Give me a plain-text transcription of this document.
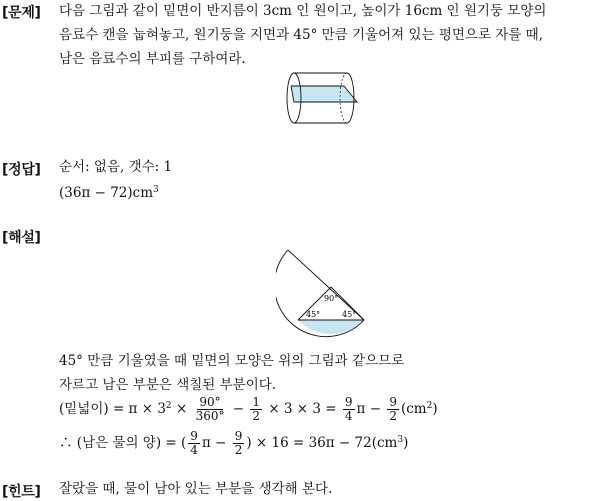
[문제] 다음 그림과 같이 밑면이 반지름이 3cm 인 원이고, 높이가 16cm 인 원기둥 모양의
음료수 캔을 눕혀놓고, 원기둥을 지면과 45° 만큼 기울어져 있는 평면으로 자를 때,
남은 음료수의 부피를 구하여라.
[정답] 순서: 없음, 갯수: 1
$(36\pi - 72)cm^3$
[해설]
90°
45°	45°
45° 만큼 기울였을 때 밑면의 모양은 위의 그림과 같으므로
자르고 남은 부분은 색칠된 부분이다.
(밑넓이) = $\pi \times 3^2 \times \frac{90^\circ}{360^\circ} - \frac{1}{2} \times 3 \times 3 = \frac{9}{4}$ $\pi - \frac{9}{2} (cm^2)$
∴ (남은 물의 양) = ( $\frac{9}{4}$ $\pi - \frac{9}{2}$ ) × $16 = 36\pi - 72(cm^3)$
[힌트] 잘랐을 때, 물이 남아 있는 부분을 생각해 본다.
